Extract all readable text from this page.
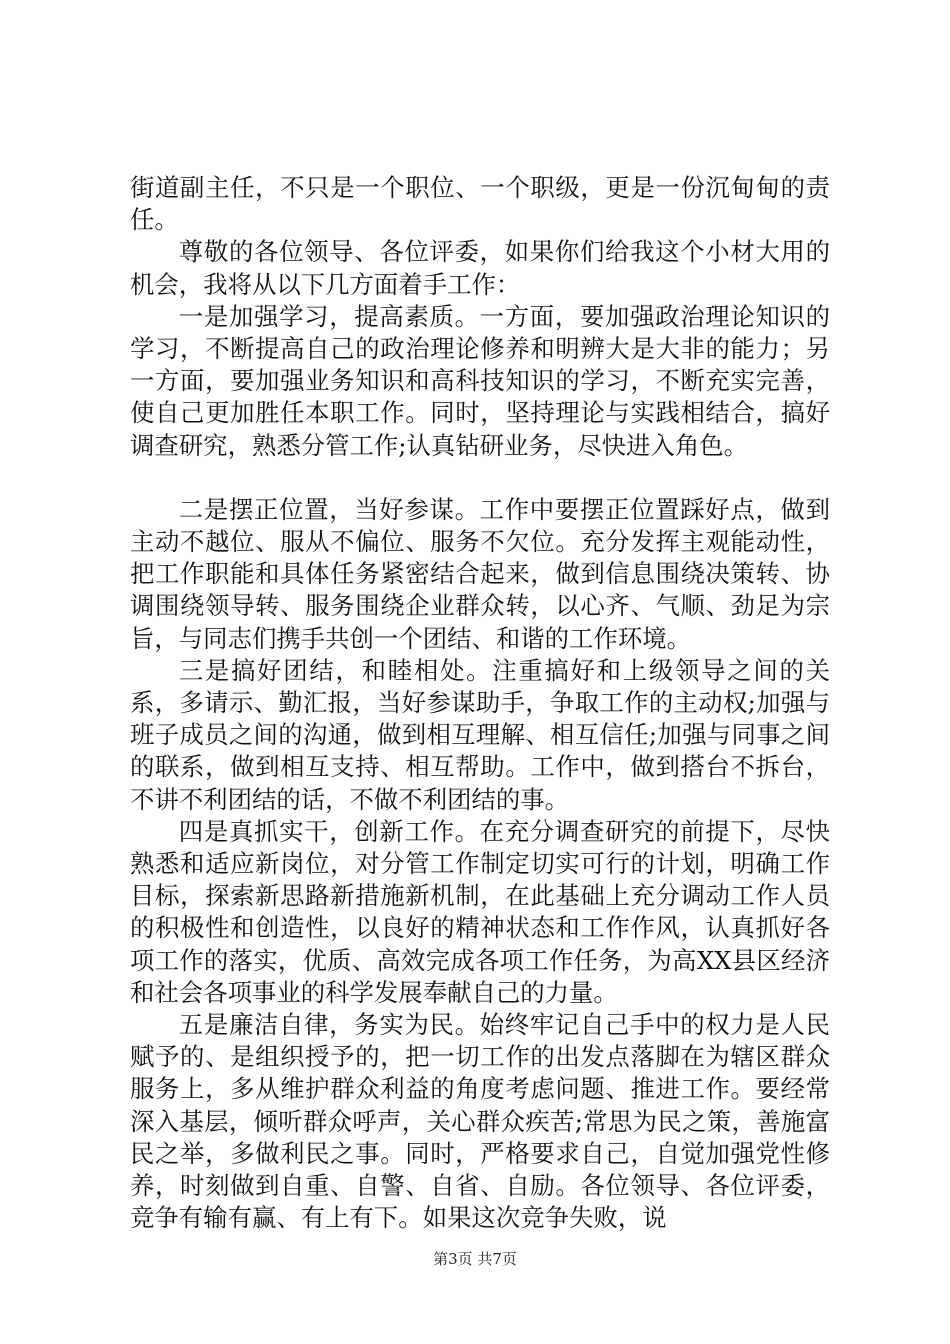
街道副主任，不只是一个职位、一个职级，更是一份沉甸甸的责任。

尊敬的各位领导、各位评委，如果你们给我这个小材大用的机会，我将从以下几方面着手工作：

一是加强学习，提高素质。一方面，要加强政治理论知识的学习，不断提高自己的政治理论修养和明辨大是大非的能力；另一方面，要加强业务知识和高科技知识的学习，不断充实完善，使自己更加胜任本职工作。同时，坚持理论与实践相结合，搞好调查研究，熟悉分管工作;认真钻研业务，尽快进入角色。

二是摆正位置，当好参谋。工作中要摆正位置踩好点，做到主动不越位、服从不偏位、服务不欠位。充分发挥主观能动性，把工作职能和具体任务紧密结合起来，做到信息围绕决策转、协调围绕领导转、服务围绕企业群众转，以心齐、气顺、劲足为宗旨，与同志们携手共创一个团结、和谐的工作环境。

三是搞好团结，和睦相处。注重搞好和上级领导之间的关系，多请示、勤汇报，当好参谋助手，争取工作的主动权;加强与班子成员之间的沟通，做到相互理解、相互信任;加强与同事之间的联系，做到相互支持、相互帮助。工作中，做到搭台不拆台，不讲不利团结的话，不做不利团结的事。

四是真抓实干，创新工作。在充分调查研究的前提下，尽快熟悉和适应新岗位，对分管工作制定切实可行的计划，明确工作目标，探索新思路新措施新机制，在此基础上充分调动工作人员的积极性和创造性，以良好的精神状态和工作作风，认真抓好各项工作的落实，优质、高效完成各项工作任务，为高XX县区经济和社会各项事业的科学发展奉献自己的力量。

五是廉洁自律，务实为民。始终牢记自己手中的权力是人民赋予的、是组织授予的，把一切工作的出发点落脚在为辖区群众服务上，多从维护群众利益的角度考虑问题、推进工作。要经常深入基层，倾听群众呼声，关心群众疾苦;常思为民之策，善施富民之举，多做利民之事。同时，严格要求自己，自觉加强党性修养，时刻做到自重、自警、自省、自励。各位领导、各位评委，竞争有输有赢、有上有下。如果这次竞争失败，说

第3页 共7页
